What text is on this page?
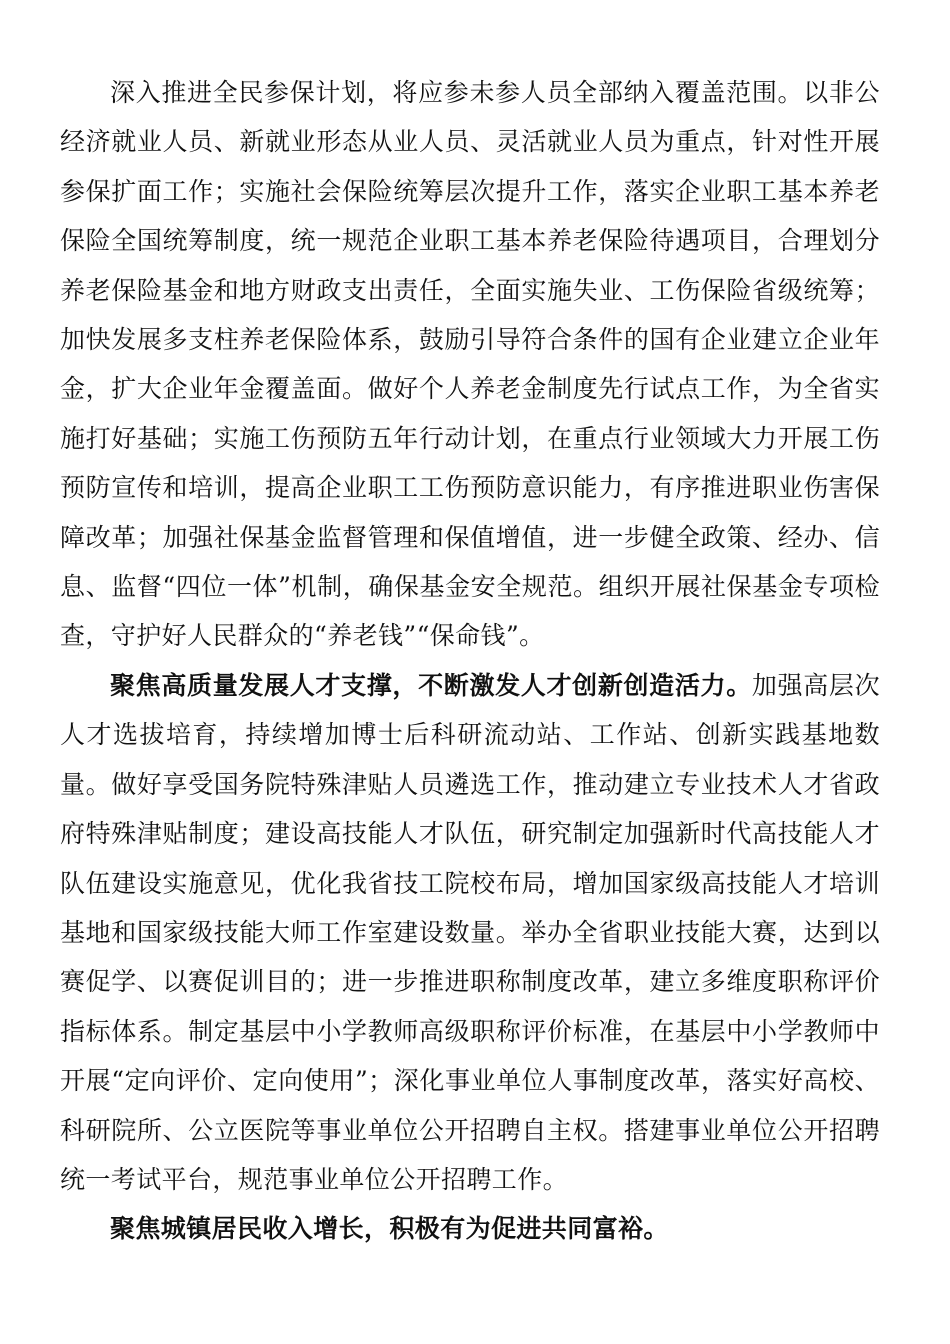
深入推进全民参保计划，将应参未参人员全部纳入覆盖范围。以非公经济就业人员、新就业形态从业人员、灵活就业人员为重点，针对性开展参保扩面工作；实施社会保险统筹层次提升工作，落实企业职工基本养老保险全国统筹制度，统一规范企业职工基本养老保险待遇项目，合理划分养老保险基金和地方财政支出责任，全面实施失业、工伤保险省级统筹；加快发展多支柱养老保险体系，鼓励引导符合条件的国有企业建立企业年金，扩大企业年金覆盖面。做好个人养老金制度先行试点工作，为全省实施打好基础；实施工伤预防五年行动计划，在重点行业领域大力开展工伤预防宣传和培训，提高企业职工工伤预防意识能力，有序推进职业伤害保障改革；加强社保基金监督管理和保值增值，进一步健全政策、经办、信息、监督“四位一体”机制，确保基金安全规范。组织开展社保基金专项检查，守护好人民群众的“养老钱”“保命钱”。

聚焦高质量发展人才支撑，不断激发人才创新创造活力。加强高层次人才选拔培育，持续增加博士后科研流动站、工作站、创新实践基地数量。做好享受国务院特殊津贴人员遴选工作，推动建立专业技术人才省政府特殊津贴制度；建设高技能人才队伍，研究制定加强新时代高技能人才队伍建设实施意见，优化我省技工院校布局，增加国家级高技能人才培训基地和国家级技能大师工作室建设数量。举办全省职业技能大赛，达到以赛促学、以赛促训目的；进一步推进职称制度改革，建立多维度职称评价指标体系。制定基层中小学教师高级职称评价标准，在基层中小学教师中开展“定向评价、定向使用”；深化事业单位人事制度改革，落实好高校、科研院所、公立医院等事业单位公开招聘自主权。搭建事业单位公开招聘统一考试平台，规范事业单位公开招聘工作。

聚焦城镇居民收入增长，积极有为促进共同富裕。
